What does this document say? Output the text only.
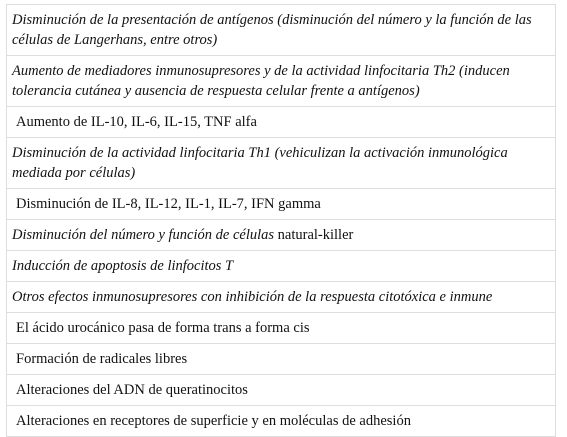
Disminución de la presentación de antígenos (disminución del número y la función de las células de Langerhans, entre otros)
Aumento de mediadores inmunosupresores y de la actividad linfocitaria Th2 (inducen tolerancia cutánea y ausencia de respuesta celular frente a antígenos)
Aumento de IL-10, IL-6, IL-15, TNF alfa
Disminución de la actividad linfocitaria Th1 (vehiculizan la activación inmunológica mediada por células)
Disminución de IL-8, IL-12, IL-1, IL-7, IFN gamma
Disminución del número y función de células natural-killer
Inducción de apoptosis de linfocitos T
Otros efectos inmunosupresores con inhibición de la respuesta citotóxica e inmune
El ácido urocánico pasa de forma trans a forma cis
Formación de radicales libres
Alteraciones del ADN de queratinocitos
Alteraciones en receptores de superficie y en moléculas de adhesión
